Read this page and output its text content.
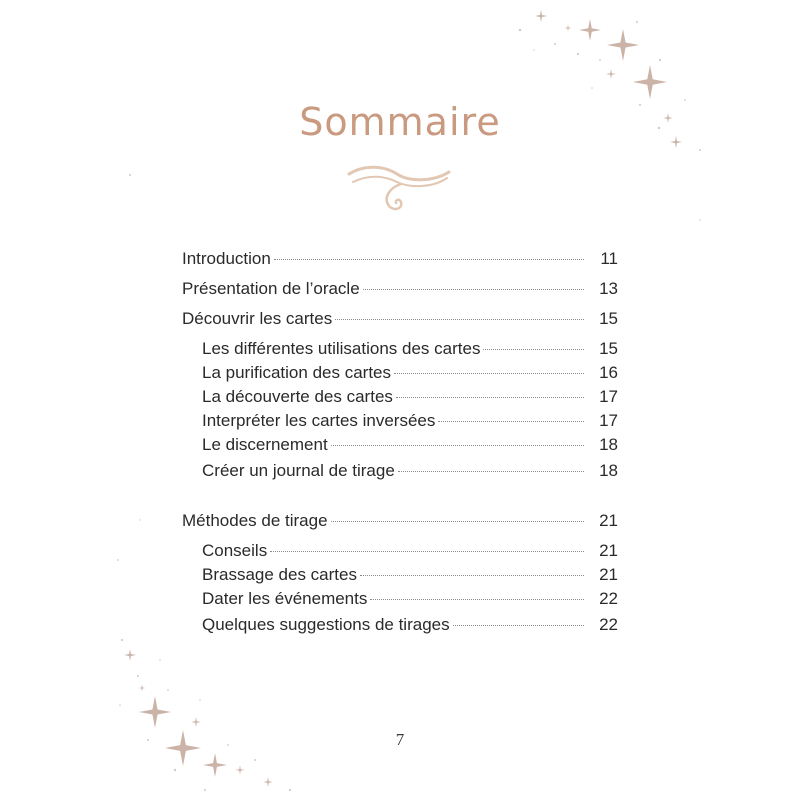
Sommaire
Introduction	11
Présentation de l’oracle	13
Découvrir les cartes	15
Les différentes utilisations des cartes	15
La purification des cartes	16
La découverte des cartes	17
Interpréter les cartes inversées	17
Le discernement	18
Créer un journal de tirage	18
Méthodes de tirage	21
Conseils	21
Brassage des cartes	21
Dater les événements	22
Quelques suggestions de tirages	22
7
